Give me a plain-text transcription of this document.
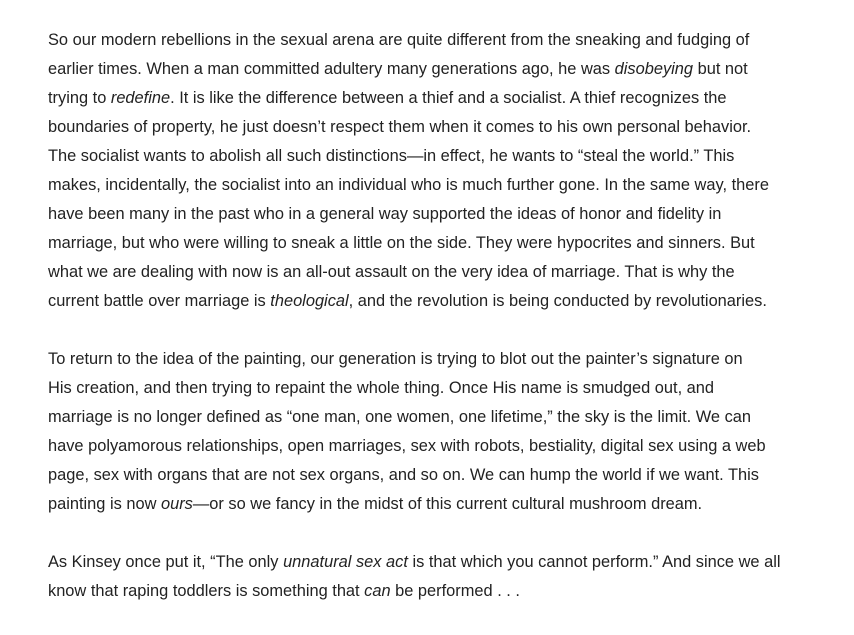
So our modern rebellions in the sexual arena are quite different from the sneaking and fudging of
earlier times. When a man committed adultery many generations ago, he was disobeying but not
trying to redefine. It is like the difference between a thief and a socialist. A thief recognizes the
boundaries of property, he just doesn’t respect them when it comes to his own personal behavior.
The socialist wants to abolish all such distinctions—in effect, he wants to “steal the world.” This
makes, incidentally, the socialist into an individual who is much further gone. In the same way, there
have been many in the past who in a general way supported the ideas of honor and fidelity in
marriage, but who were willing to sneak a little on the side. They were hypocrites and sinners. But
what we are dealing with now is an all-out assault on the very idea of marriage. That is why the
current battle over marriage is theological, and the revolution is being conducted by revolutionaries.

To return to the idea of the painting, our generation is trying to blot out the painter’s signature on
His creation, and then trying to repaint the whole thing. Once His name is smudged out, and
marriage is no longer defined as “one man, one women, one lifetime,” the sky is the limit. We can
have polyamorous relationships, open marriages, sex with robots, bestiality, digital sex using a web
page, sex with organs that are not sex organs, and so on. We can hump the world if we want. This
painting is now ours—or so we fancy in the midst of this current cultural mushroom dream.

As Kinsey once put it, “The only unnatural sex act is that which you cannot perform.” And since we all
know that raping toddlers is something that can be performed . . .
